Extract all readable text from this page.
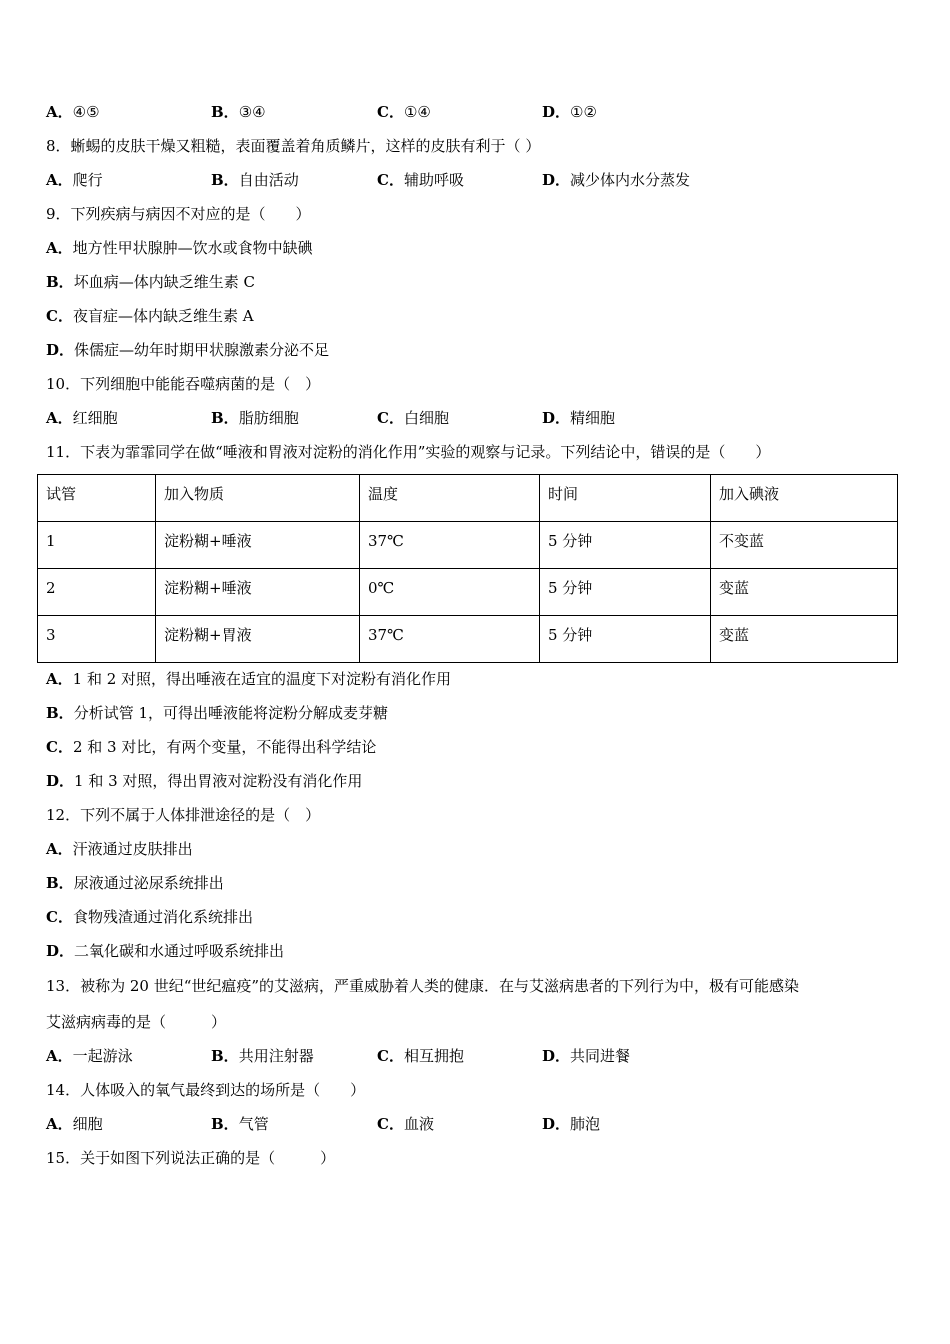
A．④⑤	B．③④	C．①④	D．①②
8．蜥蜴的皮肤干燥又粗糙，表面覆盖着角质鳞片，这样的皮肤有利于（ ）
A．爬行	B．自由活动	C．辅助呼吸	D．减少体内水分蒸发
9．下列疾病与病因不对应的是（　　）
A．地方性甲状腺肿—饮水或食物中缺碘
B．坏血病—体内缺乏维生素 C
C．夜盲症—体内缺乏维生素 A
D．侏儒症—幼年时期甲状腺激素分泌不足
10．下列细胞中能能吞噬病菌的是（　）
A．红细胞	B．脂肪细胞	C．白细胞	D．精细胞
11．下表为霏霏同学在做“唾液和胃液对淀粉的消化作用”实验的观察与记录。下列结论中，错误的是（　　）
试管	加入物质	温度	时间	加入碘液
1	淀粉糊+唾液	37℃	5 分钟	不变蓝
2	淀粉糊+唾液	0℃	5 分钟	变蓝
3	淀粉糊+胃液	37℃	5 分钟	变蓝
A．1 和 2 对照，得出唾液在适宜的温度下对淀粉有消化作用
B．分析试管 1，可得出唾液能将淀粉分解成麦芽糖
C．2 和 3 对比，有两个变量，不能得出科学结论
D．1 和 3 对照，得出胃液对淀粉没有消化作用
12．下列不属于人体排泄途径的是（　）
A．汗液通过皮肤排出
B．尿液通过泌尿系统排出
C．食物残渣通过消化系统排出
D．二氧化碳和水通过呼吸系统排出
13．被称为 20 世纪“世纪瘟疫”的艾滋病，严重威胁着人类的健康．在与艾滋病患者的下列行为中，极有可能感染
艾滋病病毒的是（　　　）
A．一起游泳	B．共用注射器	C．相互拥抱	D．共同进餐
14．人体吸入的氧气最终到达的场所是（　　）
A．细胞	B．气管	C．血液	D．肺泡
15．关于如图下列说法正确的是（　　　）
